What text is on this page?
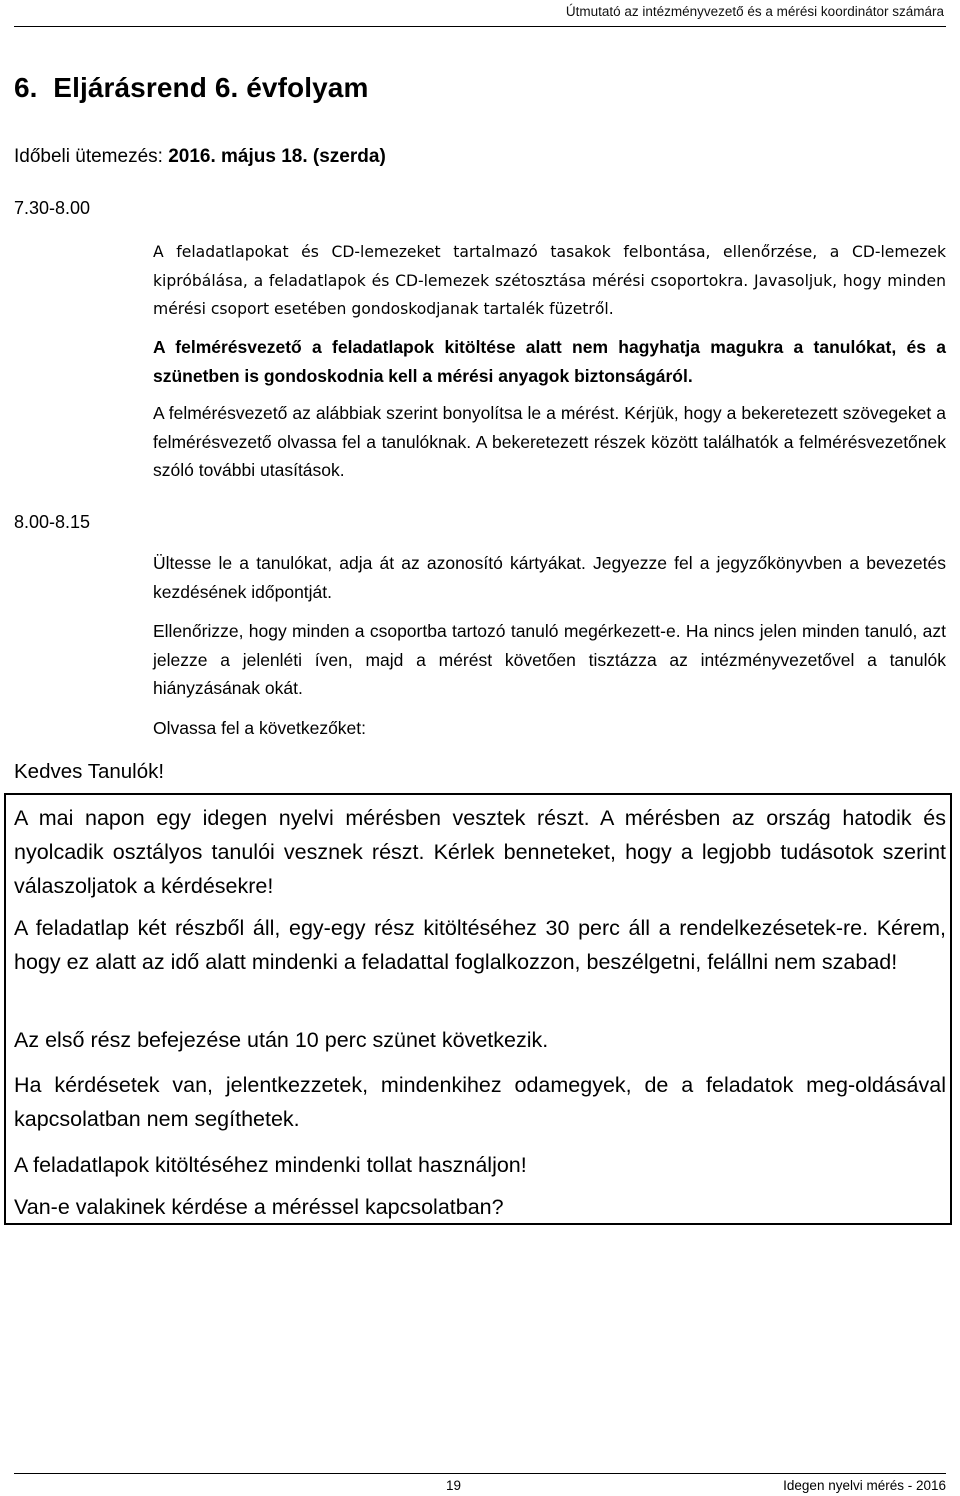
Útmutató az intézményvezető és a mérési koordinátor számára
6.  Eljárásrend 6. évfolyam
Időbeli ütemezés: 2016. május 18. (szerda)
7.30-8.00

A feladatlapokat és CD-lemezeket tartalmazó tasakok felbontása, ellenőrzése, a CD-lemezek kipróbálása, a feladatlapok és CD-lemezek szétosztása mérési csoportokra. Javasoljuk, hogy minden mérési csoport esetében gondoskodjanak tartalék füzetről.

A felmérésvezető a feladatlapok kitöltése alatt nem hagyhatja magukra a tanulókat, és a szünetben is gondoskodnia kell a mérési anyagok biztonságáról.

A felmérésvezető az alábbiak szerint bonyolítsa le a mérést. Kérjük, hogy a bekeretezett szövegeket a felmérésvezető olvassa fel a tanulóknak. A bekeretezett részek között találhatók a felmérésvezetőnek szóló további utasítások.

8.00-8.15

Ültesse le a tanulókat, adja át az azonosító kártyákat. Jegyezze fel a jegyzőkönyvben a bevezetés kezdésének időpontját.

Ellenőrizze, hogy minden a csoportba tartozó tanuló megérkezett-e. Ha nincs jelen minden tanuló, azt jelezze a jelenléti íven, majd a mérést követően tisztázza az intézményvezetővel a tanulók hiányzásának okát.

Olvassa fel a következőket:

Kedves Tanulók!

A mai napon egy idegen nyelvi mérésben vesztek részt. A mérésben az ország hatodik és nyolcadik osztályos tanulói vesznek részt. Kérlek benneteket, hogy a legjobb tudásotok szerint válaszoljatok a kérdésekre!

A feladatlap két részből áll, egy-egy rész kitöltéséhez 30 perc áll a rendelkezésetek-re. Kérem, hogy ez alatt az idő alatt mindenki a feladattal foglalkozzon, beszélgetni, felállni nem szabad!

Az első rész befejezése után 10 perc szünet következik.

Ha kérdésetek van, jelentkezzetek, mindenkihez odamegyek, de a feladatok meg-oldásával kapcsolatban nem segíthetek.

A feladatlapok kitöltéséhez mindenki tollat használjon!

Van-e valakinek kérdése a méréssel kapcsolatban?

19	Idegen nyelvi mérés - 2016
